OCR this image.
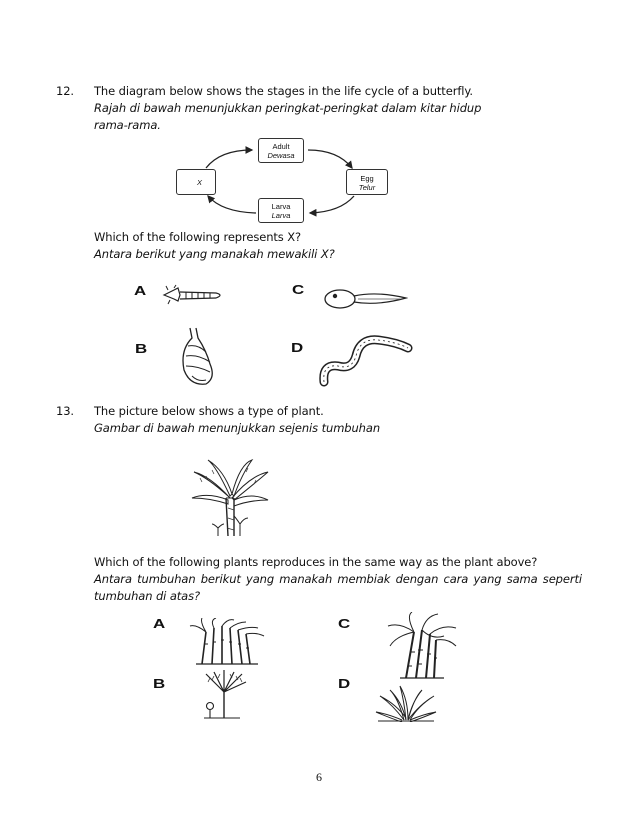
12. The diagram below shows the stages in the life cycle of a butterfly.
Rajah di bawah menunjukkan peringkat-peringkat dalam kitar hidup
rama-rama.
Adult
Dewasa
X	Egg
Telur
Larva
Larva
Which of the following represents X?
Antara berikut yang manakah mewakili X?
A	C
B	D
13. The picture below shows a type of plant.
Gambar di bawah menunjukkan sejenis tumbuhan
Which of the following plants reproduces in the same way as the plant above?
Antara tumbuhan berikut yang manakah membiak dengan cara yang sama seperti
tumbuhan di atas?
A	C
B	D
6
